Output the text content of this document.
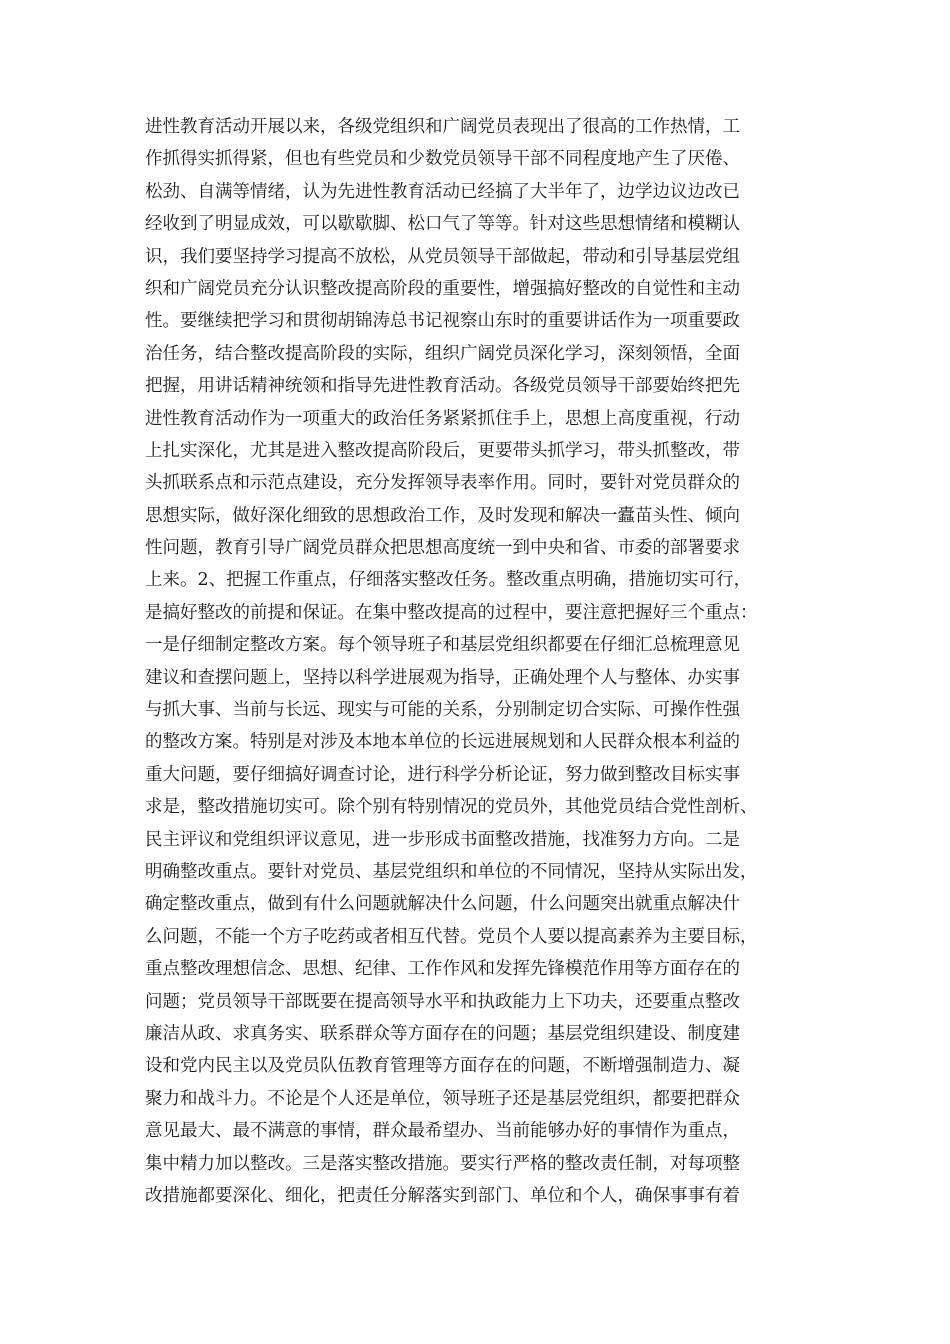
进性教育活动开展以来，各级党组织和广阔党员表现出了很高的工作热情，工
作抓得实抓得紧，但也有些党员和少数党员领导干部不同程度地产生了厌倦、
松劲、自满等情绪，认为先进性教育活动已经搞了大半年了，边学边议边改已
经收到了明显成效，可以歇歇脚、松口气了等等。针对这些思想情绪和模糊认
识，我们要坚持学习提高不放松，从党员领导干部做起，带动和引导基层党组
织和广阔党员充分认识整改提高阶段的重要性，增强搞好整改的自觉性和主动
性。要继续把学习和贯彻胡锦涛总书记视察山东时的重要讲话作为一项重要政
治任务，结合整改提高阶段的实际，组织广阔党员深化学习，深刻领悟，全面
把握，用讲话精神统领和指导先进性教育活动。各级党员领导干部要始终把先
进性教育活动作为一项重大的政治任务紧紧抓住手上，思想上高度重视，行动
上扎实深化，尤其是进入整改提高阶段后，更要带头抓学习，带头抓整改，带
头抓联系点和示范点建设，充分发挥领导表率作用。同时，要针对党员群众的
思想实际，做好深化细致的思想政治工作，及时发现和解决一蠹苗头性、倾向
性问题，教育引导广阔党员群众把思想高度统一到中央和省、市委的部署要求
上来。2、把握工作重点，仔细落实整改任务。整改重点明确，措施切实可行，
是搞好整改的前提和保证。在集中整改提高的过程中，要注意把握好三个重点：
一是仔细制定整改方案。每个领导班子和基层党组织都要在仔细汇总梳理意见
建议和查摆问题上，坚持以科学进展观为指导，正确处理个人与整体、办实事
与抓大事、当前与长远、现实与可能的关系，分别制定切合实际、可操作性强
的整改方案。特别是对涉及本地本单位的长远进展规划和人民群众根本利益的
重大问题，要仔细搞好调查讨论，进行科学分析论证，努力做到整改目标实事
求是，整改措施切实可。除个别有特别情况的党员外，其他党员结合党性剖析、
民主评议和党组织评议意见，进一步形成书面整改措施，找准努力方向。二是
明确整改重点。要针对党员、基层党组织和单位的不同情况，坚持从实际出发，
确定整改重点，做到有什么问题就解决什么问题，什么问题突出就重点解决什
么问题，不能一个方子吃药或者相互代替。党员个人要以提高素养为主要目标，
重点整改理想信念、思想、纪律、工作作风和发挥先锋模范作用等方面存在的
问题；党员领导干部既要在提高领导水平和执政能力上下功夫，还要重点整改
廉洁从政、求真务实、联系群众等方面存在的问题；基层党组织建设、制度建
设和党内民主以及党员队伍教育管理等方面存在的问题，不断增强制造力、凝
聚力和战斗力。不论是个人还是单位，领导班子还是基层党组织，都要把群众
意见最大、最不满意的事情，群众最希望办、当前能够办好的事情作为重点，
集中精力加以整改。三是落实整改措施。要实行严格的整改责任制，对每项整
改措施都要深化、细化，把责任分解落实到部门、单位和个人，确保事事有着
